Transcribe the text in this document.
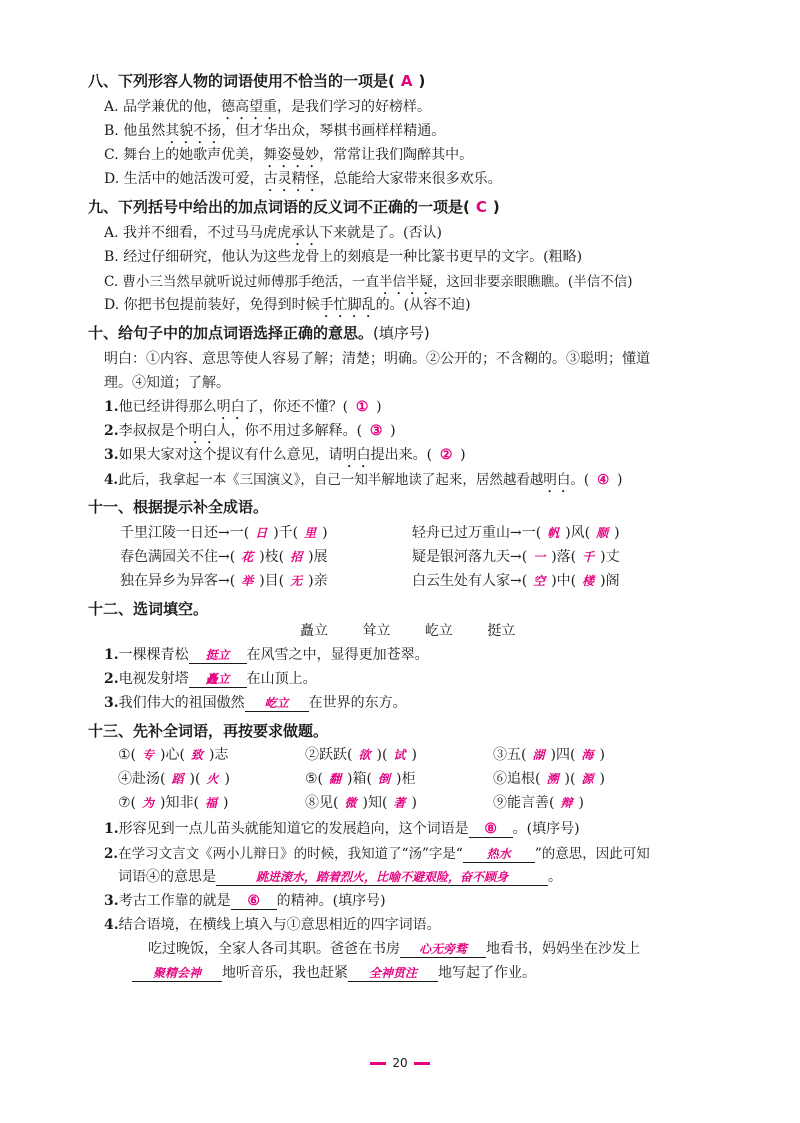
八、下列形容人物的词语使用不恰当的一项是( A )
A. 品学兼优的他，德高望重，是我们学习的好榜样。
B. 他虽然其貌不扬，但才华出众，琴棋书画样样精通。
C. 舞台上的她歌声优美，舞姿曼妙，常常让我们陶醉其中。
D. 生活中的她活泼可爱，古灵精怪，总能给大家带来很多欢乐。
九、下列括号中给出的加点词语的反义词不正确的一项是( C )
A. 我并不细看，不过马马虎虎承认下来就是了。(否认)
B. 经过仔细研究，他认为这些龙骨上的刻痕是一种比篆书更早的文字。(粗略)
C. 曹小三当然早就听说过师傅那手绝活，一直半信半疑，这回非要亲眼瞧瞧。(半信不信)
D. 你把书包提前装好，免得到时候手忙脚乱的。(从容不迫)
十、给句子中的加点词语选择正确的意思。(填序号)
明白：①内容、意思等使人容易了解；清楚；明确。②公开的；不含糊的。③聪明；懂道
理。④知道；了解。
1.他已经讲得那么明白了，你还不懂？( ① )
2.李叔叔是个明白人，你不用过多解释。( ③ )
3.如果大家对这个提议有什么意见，请明白提出来。( ② )
4.此后，我拿起一本《三国演义》，自己一知半解地读了起来，居然越看越明白。( ④ )
十一、根据提示补全成语。
千里江陵一日还→一( 日 )千( 里 )	轻舟已过万重山→一( 帆 )风( 顺 )
春色满园关不住→( 花 )枝( 招 )展	疑是银河落九天→( 一 )落( 千 )丈
独在异乡为异客→( 举 )目( 无 )亲	白云生处有人家→( 空 )中( 楼 )阁
十二、选词填空。
矗立 耸立 屹立 挺立
1.一棵棵青松 挺立 在风雪之中，显得更加苍翠。
2.电视发射塔 矗立 在山顶上。
3.我们伟大的祖国傲然 屹立 在世界的东方。
十三、先补全词语，再按要求做题。
①( 专 )心( 致 )志	②跃跃( 欲 )( 试 )	③五( 湖 )四( 海 )
④赴汤( 蹈 )( 火 )	⑤( 翻 )箱( 倒 )柜	⑥追根( 溯 )( 源 )
⑦( 为 )知非( 福 )	⑧见( 微 )知( 著 )	⑨能言善( 辩 )
1.形容见到一点儿苗头就能知道它的发展趋向，这个词语是 ⑧ 。(填序号)
2.在学习文言文《两小儿辩日》的时候，我知道了“汤”字是“ 热水 ”的意思，因此可知
词语④的意思是	跳进滚水，踏着烈火，比喻不避艰险，奋不顾身	。
3.考古工作靠的就是 ⑥ 的精神。(填序号)
4.结合语境，在横线上填入与①意思相近的四字词语。
吃过晚饭，全家人各司其职。爸爸在书房 心无旁骛 地看书，妈妈坐在沙发上
聚精会神 地听音乐，我也赶紧 全神贯注 地写起了作业。
20
